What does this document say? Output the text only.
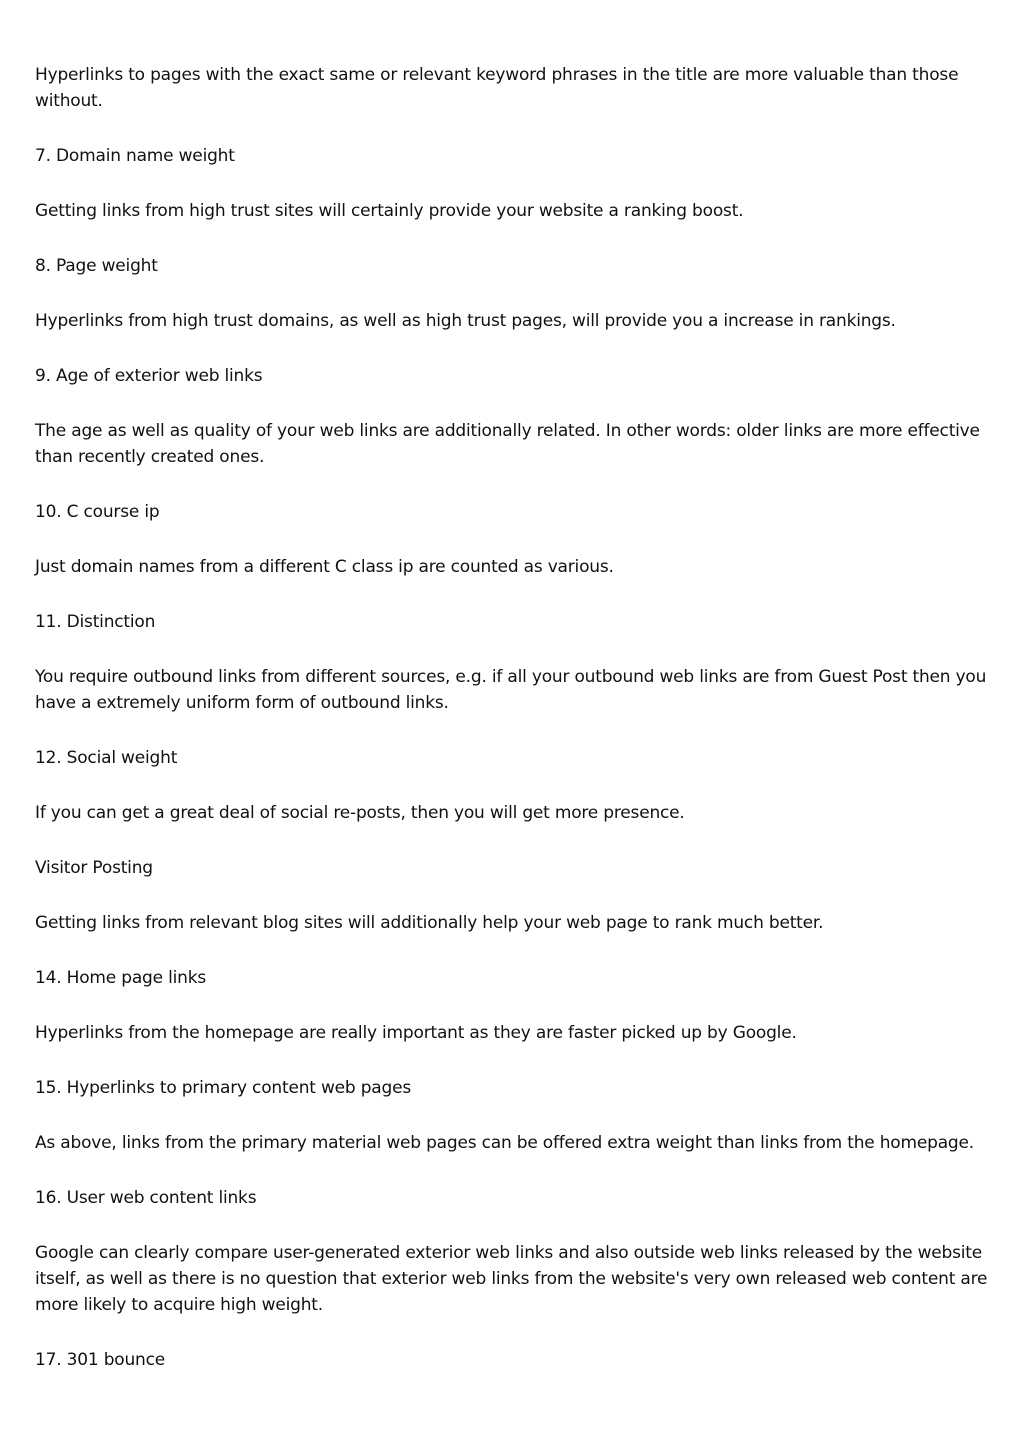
Hyperlinks to pages with the exact same or relevant keyword phrases in the title are more valuable than those without.

7. Domain name weight

Getting links from high trust sites will certainly provide your website a ranking boost.

8. Page weight

Hyperlinks from high trust domains, as well as high trust pages, will provide you a increase in rankings.

9. Age of exterior web links

The age as well as quality of your web links are additionally related. In other words: older links are more effective than recently created ones.

10. C course ip

Just domain names from a different C class ip are counted as various.

11. Distinction

You require outbound links from different sources, e.g. if all your outbound web links are from Guest Post then you have a extremely uniform form of outbound links.

12. Social weight

If you can get a great deal of social re-posts, then you will get more presence.

Visitor Posting

Getting links from relevant blog sites will additionally help your web page to rank much better.

14. Home page links

Hyperlinks from the homepage are really important as they are faster picked up by Google.

15. Hyperlinks to primary content web pages

As above, links from the primary material web pages can be offered extra weight than links from the homepage.

16. User web content links

Google can clearly compare user-generated exterior web links and also outside web links released by the website itself, as well as there is no question that exterior web links from the website's very own released web content are more likely to acquire high weight.

17. 301 bounce
